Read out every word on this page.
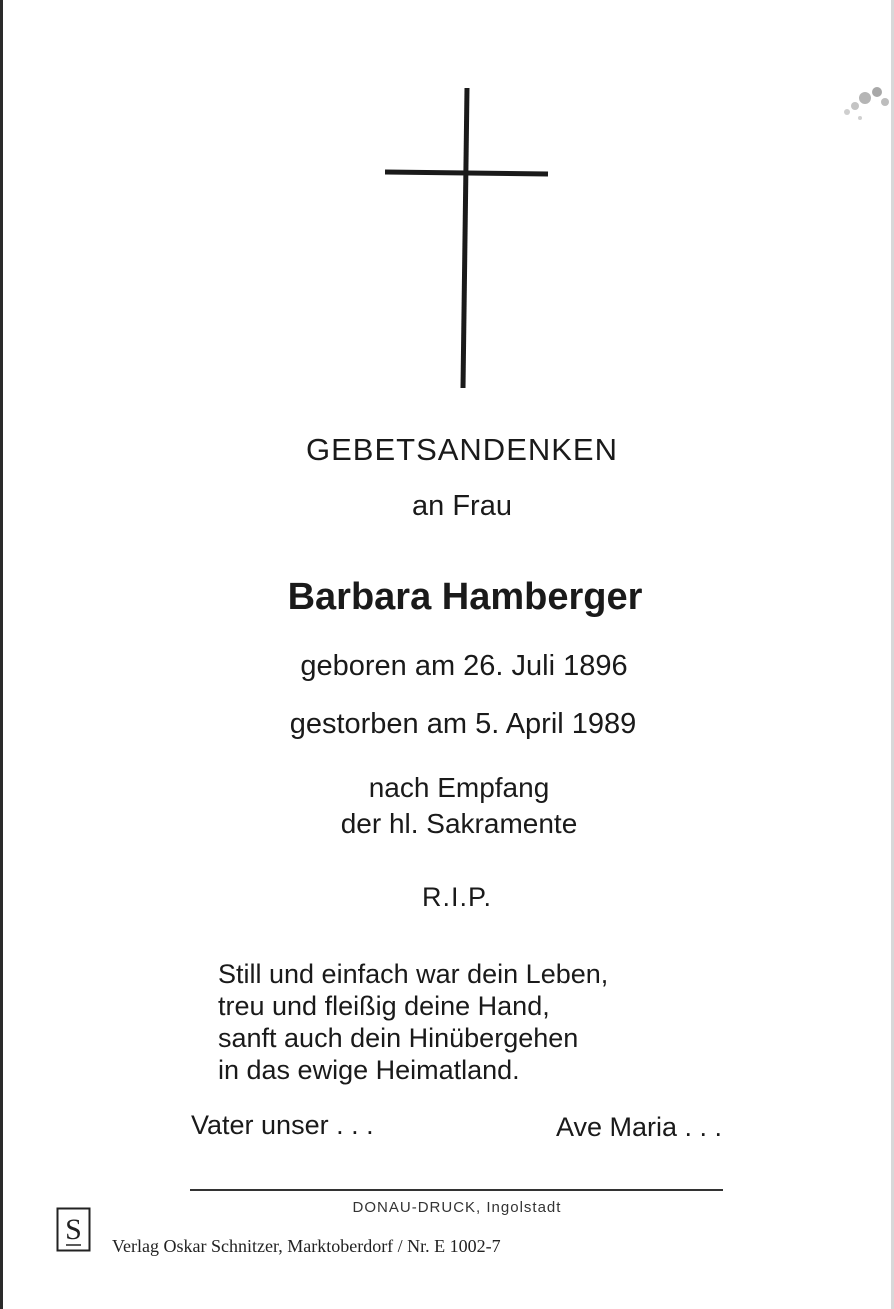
GEBETSANDENKEN
an Frau
Barbara Hamberger
geboren am 26. Juli 1896
gestorben am 5. April 1989
nach Empfang
der hl. Sakramente
R.I.P.
Still und einfach war dein Leben,
treu und fleißig deine Hand,
sanft auch dein Hinübergehen
in das ewige Heimatland.
Vater unser . . .	Ave Maria . . .
DONAU-DRUCK, Ingolstadt
S Verlag Oskar Schnitzer, Marktoberdorf / Nr. E 1002-7
